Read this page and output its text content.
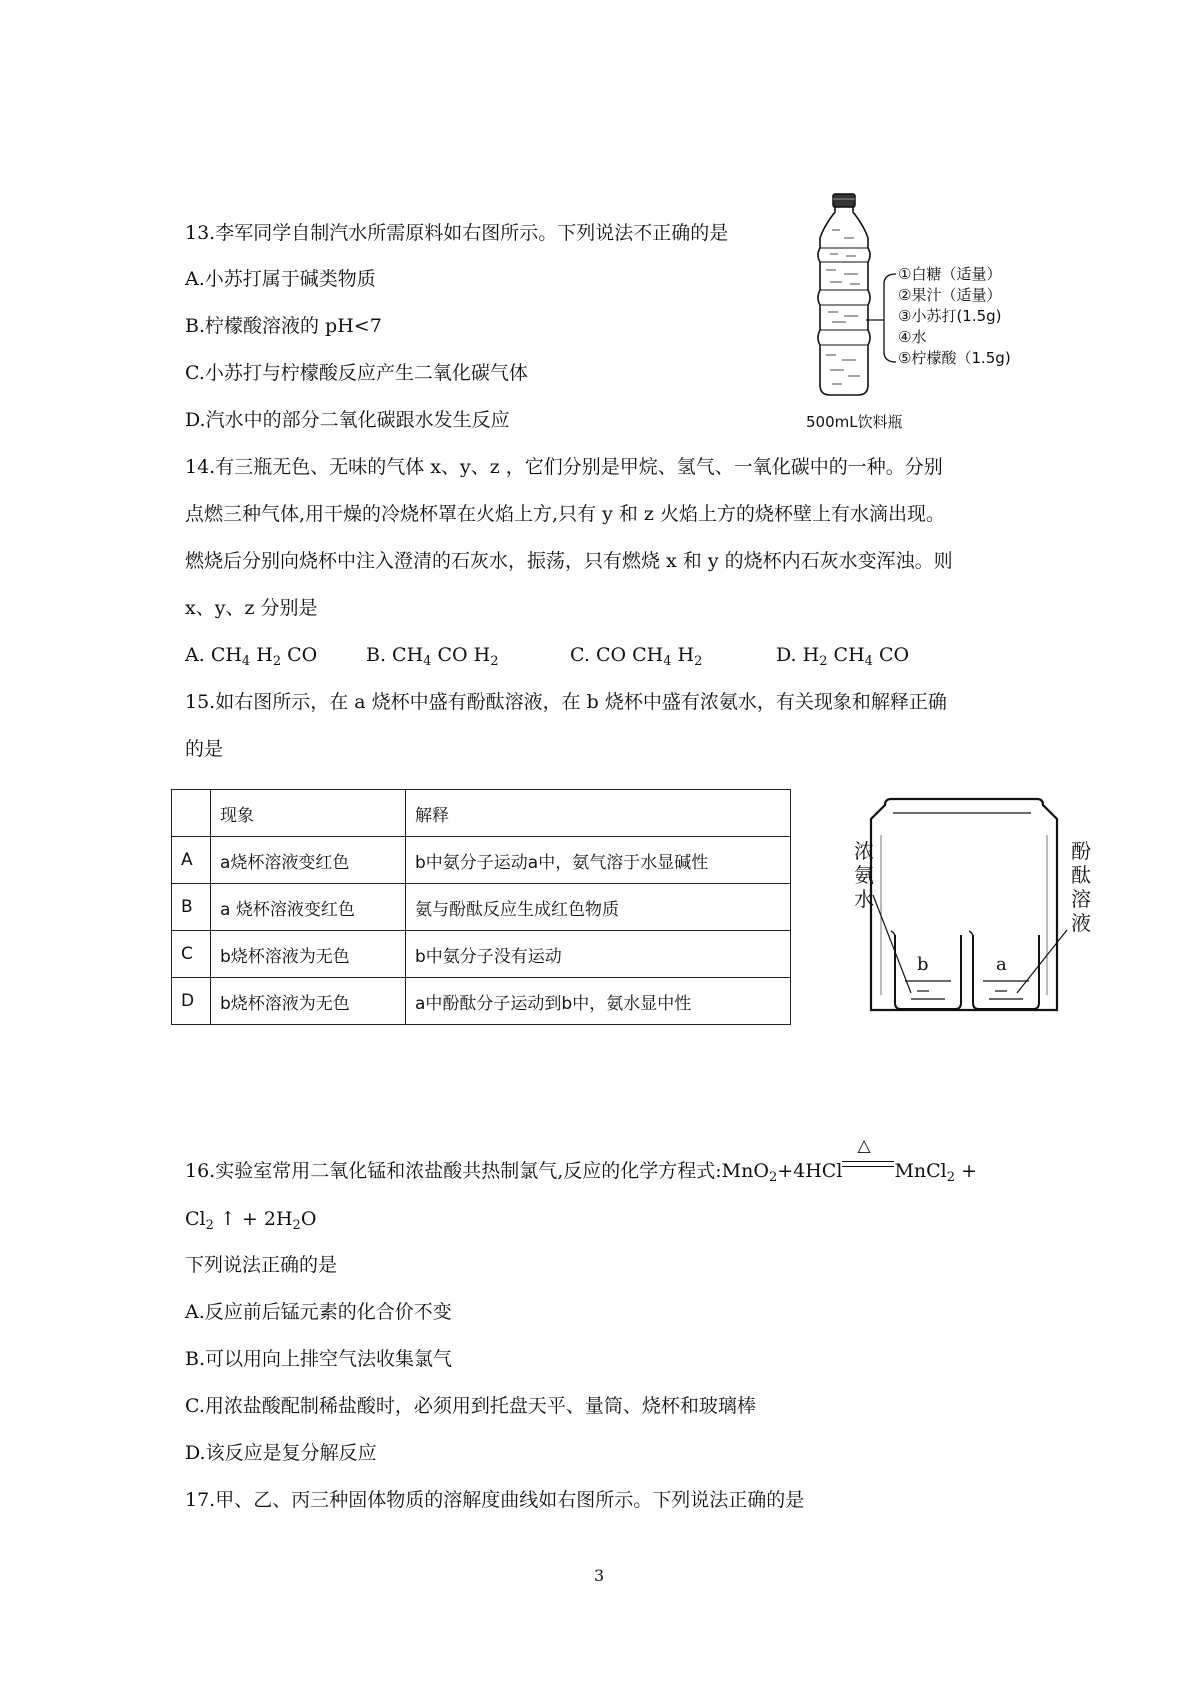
13.李军同学自制汽水所需原料如右图所示。下列说法不正确的是
A.小苏打属于碱类物质
B.柠檬酸溶液的 pH<7
C.小苏打与柠檬酸反应产生二氧化碳气体
D.汽水中的部分二氧化碳跟水发生反应
①白糖（适量）
②果汁（适量）
③小苏打(1.5g)
④水
⑤柠檬酸（1.5g)
500mL饮料瓶
14.有三瓶无色、无味的气体 x、y、z ，它们分别是甲烷、氢气、一氧化碳中的一种。分别
点燃三种气体,用干燥的冷烧杯罩在火焰上方,只有 y 和 z 火焰上方的烧杯壁上有水滴出现。
燃烧后分别向烧杯中注入澄清的石灰水，振荡，只有燃烧 x 和 y 的烧杯内石灰水变浑浊。则
x、y、z 分别是
A. $CH_4$ $H_2$ CO	B. $CH_4$ CO $H_2$	C. CO $CH_4$ $H_2$	D. $H_2$ $CH_4$ CO
15.如右图所示，在 a 烧杯中盛有酚酞溶液，在 b 烧杯中盛有浓氨水，有关现象和解释正确
的是
	现象	解释
A	a烧杯溶液变红色	b中氨分子运动a中，氨气溶于水显碱性
B	a 烧杯溶液变红色	氨与酚酞反应生成红色物质
C	b烧杯溶液为无色	b中氨分子没有运动
D	b烧杯溶液为无色	a中酚酞分子运动到b中，氨水显中性
b	a
浓
氨
水
酚
酞
溶
液
16.实验室常用二氧化锰和浓盐酸共热制氯气,反应的化学方程式:MnO$_2$+4HCl
△
MnCl$_2$ +
$Cl_2$ ↑ + $2H_2O$
下列说法正确的是
A.反应前后锰元素的化合价不变
B.可以用向上排空气法收集氯气
C.用浓盐酸配制稀盐酸时，必须用到托盘天平、量筒、烧杯和玻璃棒
D.该反应是复分解反应
17.甲、乙、丙三种固体物质的溶解度曲线如右图所示。下列说法正确的是
3
